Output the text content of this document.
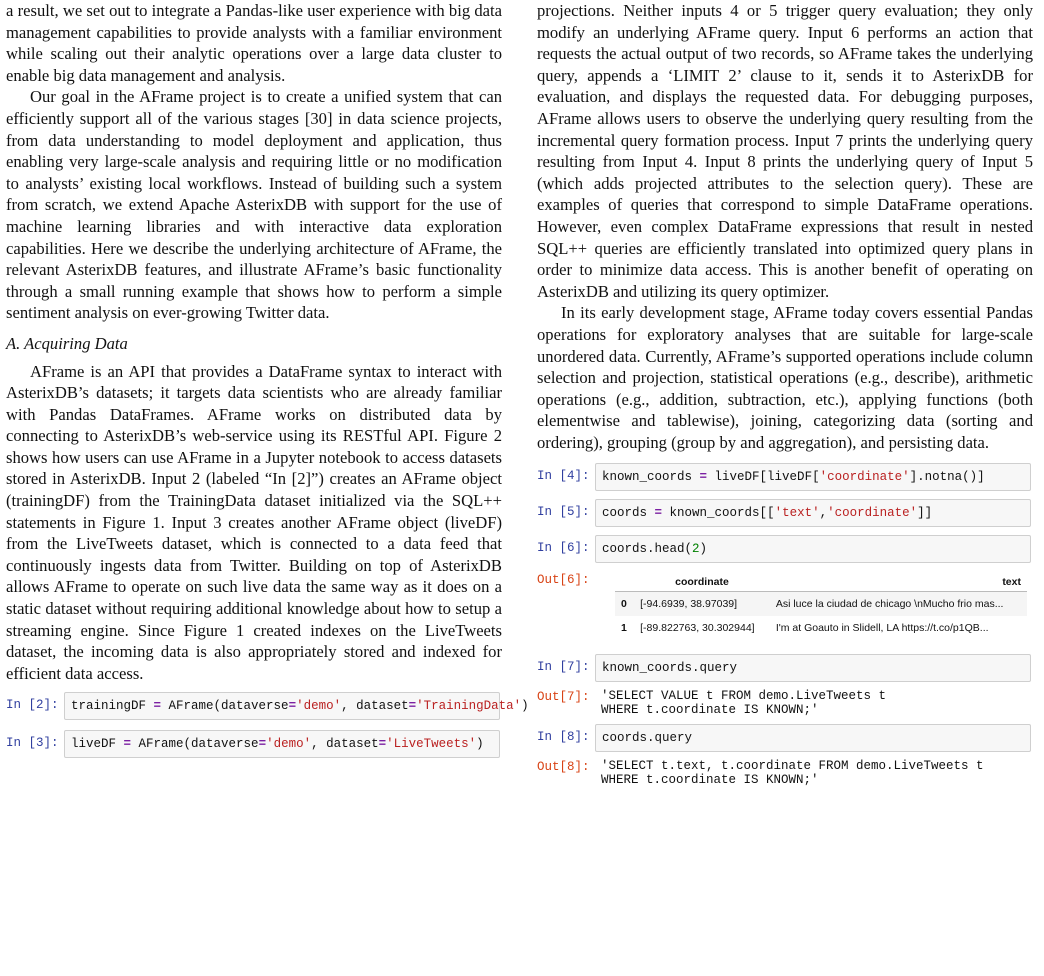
a result, we set out to integrate a Pandas-like user experience with big data management capabilities to provide analysts with a familiar environment while scaling out their analytic operations over a large data cluster to enable big data management and analysis.

Our goal in the AFrame project is to create a unified system that can efficiently support all of the various stages [30] in data science projects, from data understanding to model deployment and application, thus enabling very large-scale analysis and requiring little or no modification to analysts’ existing local workflows. Instead of building such a system from scratch, we extend Apache AsterixDB with support for the use of machine learning libraries and with interactive data exploration capabilities. Here we describe the underlying architecture of AFrame, the relevant AsterixDB features, and illustrate AFrame’s basic functionality through a small running example that shows how to perform a simple sentiment analysis on ever-growing Twitter data.

A. Acquiring Data

AFrame is an API that provides a DataFrame syntax to interact with AsterixDB’s datasets; it targets data scientists who are already familiar with Pandas DataFrames. AFrame works on distributed data by connecting to AsterixDB’s web-service using its RESTful API. Figure 2 shows how users can use AFrame in a Jupyter notebook to access datasets stored in AsterixDB. Input 2 (labeled “In [2]”) creates an AFrame object (trainingDF) from the TrainingData dataset initialized via the SQL++ statements in Figure 1. Input 3 creates another AFrame object (liveDF) from the LiveTweets dataset, which is connected to a data feed that continuously ingests data from Twitter. Building on top of AsterixDB allows AFrame to operate on such live data the same way as it does on a static dataset without requiring additional knowledge about how to setup a streaming engine. Since Figure 1 created indexes on the LiveTweets dataset, the incoming data is also appropriately stored and indexed for efficient data access.

In [2]: trainingDF = AFrame(dataverse='demo', dataset='TrainingData')
In [3]: liveDF = AFrame(dataverse='demo', dataset='LiveTweets')

projections. Neither inputs 4 or 5 trigger query evaluation; they only modify an underlying AFrame query. Input 6 performs an action that requests the actual output of two records, so AFrame takes the underlying query, appends a ‘LIMIT 2’ clause to it, sends it to AsterixDB for evaluation, and displays the requested data. For debugging purposes, AFrame allows users to observe the underlying query resulting from the incremental query formation process. Input 7 prints the underlying query resulting from Input 4. Input 8 prints the underlying query of Input 5 (which adds projected attributes to the selection query). These are examples of queries that correspond to simple DataFrame operations. However, even complex DataFrame expressions that result in nested SQL++ queries are efficiently translated into optimized query plans in order to minimize data access. This is another benefit of operating on AsterixDB and utilizing its query optimizer.

In its early development stage, AFrame today covers essential Pandas operations for exploratory analyses that are suitable for large-scale unordered data. Currently, AFrame’s supported operations include column selection and projection, statistical operations (e.g., describe), arithmetic operations (e.g., addition, subtraction, etc.), applying functions (both elementwise and tablewise), joining, categorizing data (sorting and ordering), grouping (group by and aggregation), and persisting data.

In [4]: known_coords = liveDF[liveDF['coordinate'].notna()]
In [5]: coords = known_coords[['text','coordinate']]
In [6]: coords.head(2)
Out[6]:
		coordinate	text
0	[-94.6939, 38.97039]	Asi luce la ciudad de chicago \nMucho frio mas...
1	[-89.822763, 30.302944]	I'm at Goauto in Slidell, LA https://t.co/p1QB...
In [7]: known_coords.query
Out[7]: 'SELECT VALUE t FROM demo.LiveTweets t
WHERE t.coordinate IS KNOWN;'
In [8]: coords.query
Out[8]: 'SELECT t.text, t.coordinate FROM demo.LiveTweets t
WHERE t.coordinate IS KNOWN;'
